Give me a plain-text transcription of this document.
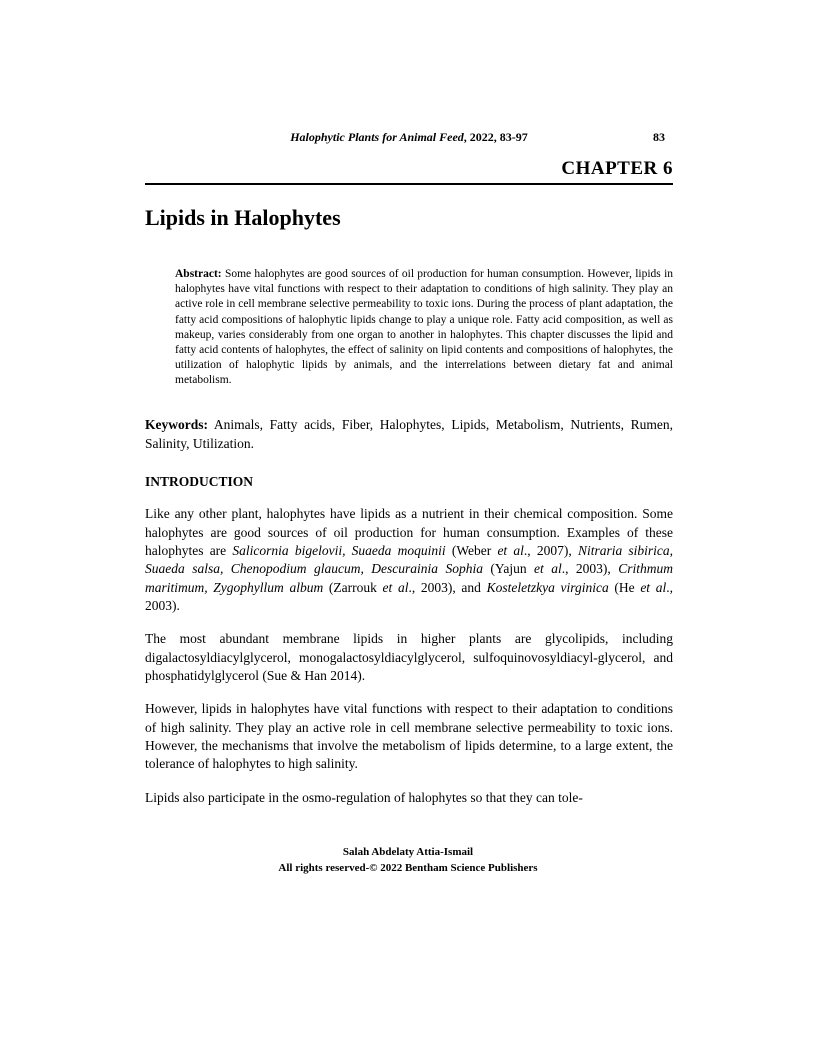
Halophytic Plants for Animal Feed, 2022, 83-97	83
CHAPTER 6
Lipids in Halophytes
Abstract: Some halophytes are good sources of oil production for human consumption. However, lipids in halophytes have vital functions with respect to their adaptation to conditions of high salinity. They play an active role in cell membrane selective permeability to toxic ions. During the process of plant adaptation, the fatty acid compositions of halophytic lipids change to play a unique role. Fatty acid composition, as well as makeup, varies considerably from one organ to another in halophytes. This chapter discusses the lipid and fatty acid contents of halophytes, the effect of salinity on lipid contents and compositions of halophytes, the utilization of halophytic lipids by animals, and the interrelations between dietary fat and animal metabolism.

Keywords: Animals, Fatty acids, Fiber, Halophytes, Lipids, Metabolism, Nutrients, Rumen, Salinity, Utilization.

INTRODUCTION

Like any other plant, halophytes have lipids as a nutrient in their chemical composition. Some halophytes are good sources of oil production for human consumption. Examples of these halophytes are Salicornia bigelovii, Suaeda moquinii (Weber et al., 2007), Nitraria sibirica, Suaeda salsa, Chenopodium glaucum, Descurainia Sophia (Yajun et al., 2003), Crithmum maritimum, Zygophyllum album (Zarrouk et al., 2003), and Kosteletzkya virginica (He et al., 2003).

The most abundant membrane lipids in higher plants are glycolipids, including digalactosyldiacylglycerol, monogalactosyldiacylglycerol, sulfoquinovosyldiacyl-glycerol, and phosphatidylglycerol (Sue & Han 2014).

However, lipids in halophytes have vital functions with respect to their adaptation to conditions of high salinity. They play an active role in cell membrane selective permeability to toxic ions. However, the mechanisms that involve the metabolism of lipids determine, to a large extent, the tolerance of halophytes to high salinity.

Lipids also participate in the osmo-regulation of halophytes so that they can tole-

Salah Abdelaty Attia-Ismail
All rights reserved-© 2022 Bentham Science Publishers
